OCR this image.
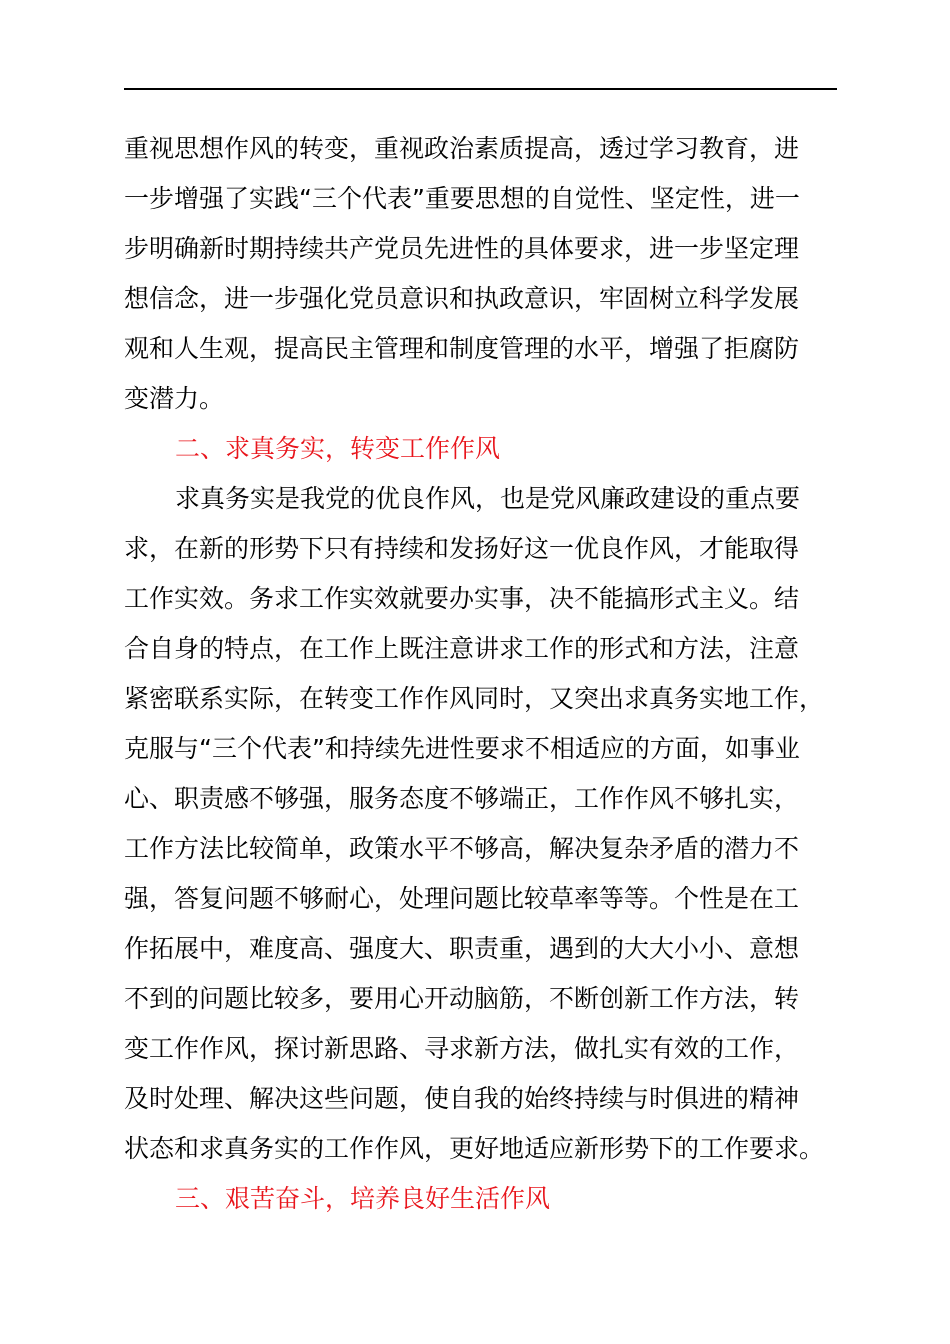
重视思想作风的转变，重视政治素质提高，透过学习教育，进
一步增强了实践“三个代表”重要思想的自觉性、坚定性，进一
步明确新时期持续共产党员先进性的具体要求，进一步坚定理
想信念，进一步强化党员意识和执政意识，牢固树立科学发展
观和人生观，提高民主管理和制度管理的水平，增强了拒腐防
变潜力。
二、求真务实，转变工作作风
求真务实是我党的优良作风，也是党风廉政建设的重点要
求，在新的形势下只有持续和发扬好这一优良作风，才能取得
工作实效。务求工作实效就要办实事，决不能搞形式主义。结
合自身的特点，在工作上既注意讲求工作的形式和方法，注意
紧密联系实际，在转变工作作风同时，又突出求真务实地工作，
克服与“三个代表”和持续先进性要求不相适应的方面，如事业
心、职责感不够强，服务态度不够端正，工作作风不够扎实，
工作方法比较简单，政策水平不够高，解决复杂矛盾的潜力不
强，答复问题不够耐心，处理问题比较草率等等。个性是在工
作拓展中，难度高、强度大、职责重，遇到的大大小小、意想
不到的问题比较多，要用心开动脑筋，不断创新工作方法，转
变工作作风，探讨新思路、寻求新方法，做扎实有效的工作，
及时处理、解决这些问题，使自我的始终持续与时俱进的精神
状态和求真务实的工作作风，更好地适应新形势下的工作要求。
三、艰苦奋斗，培养良好生活作风
